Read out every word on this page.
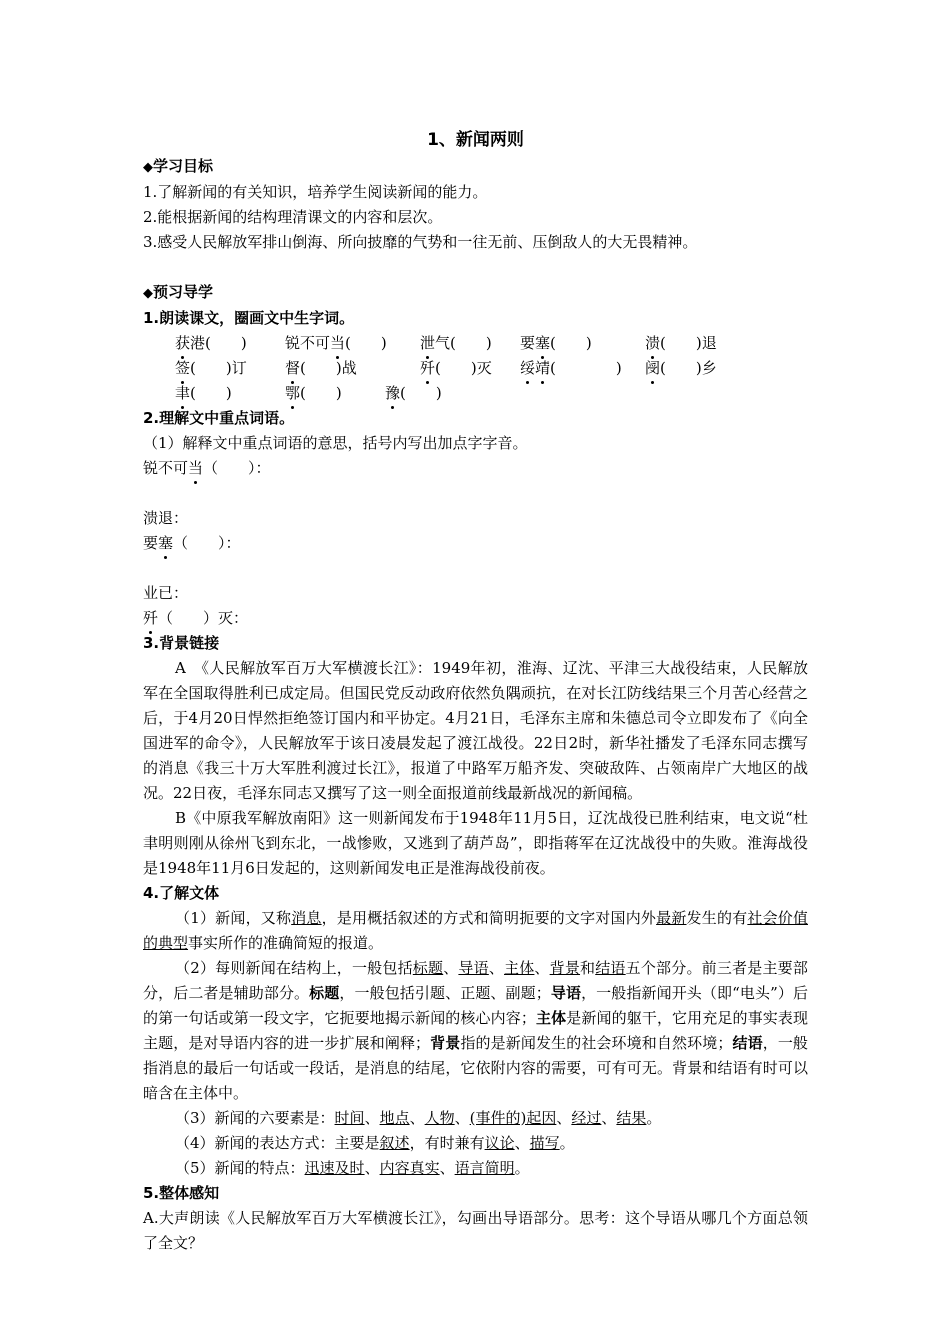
1、新闻两则
◆学习目标
1.了解新闻的有关知识，培养学生阅读新闻的能力。
2.能根据新闻的结构理清课文的内容和层次。
3.感受人民解放军排山倒海、所向披靡的气势和一往无前、压倒敌人的大无畏精神。
◆预习导学
1.朗读课文，圈画文中生字词。
获港(　　)	锐不可当(　　) 泄气(　　) 要塞(　　)	溃(　　)退
签(　　)订	督(　　)战	歼(　　)灭 绥靖(　　　　) 阌(　　)乡
聿(　　)	鄂(　　)	豫(　　)
2.理解文中重点词语。
（1）解释文中重点词语的意思，括号内写出加点字字音。
锐不可当（　　）：
溃退：
要塞（　　）：
业已：
歼（　　）灭：
3.背景链接

A　《人民解放军百万大军横渡长江》：1949年初，淮海、辽沈、平津三大战役结束，人民解放军在全国取得胜利已成定局。但国民党反动政府依然负隅顽抗，在对长江防线结果三个月苦心经营之后，于4月20日悍然拒绝签订国内和平协定。4月21日，毛泽东主席和朱德总司令立即发布了《向全国进军的命令》，人民解放军于该日凌晨发起了渡江战役。22日2时，新华社播发了毛泽东同志撰写的消息《我三十万大军胜利渡过长江》，报道了中路军万船齐发、突破敌阵、占领南岸广大地区的战况。22日夜，毛泽东同志又撰写了这一则全面报道前线最新战况的新闻稿。

B《中原我军解放南阳》这一则新闻发布于1948年11月5日，辽沈战役已胜利结束，电文说“杜聿明则刚从徐州飞到东北，一战惨败，又逃到了葫芦岛”，即指蒋军在辽沈战役中的失败。淮海战役是1948年11月6日发起的，这则新闻发电正是淮海战役前夜。

4.了解文体

（1）新闻，又称消息，是用概括叙述的方式和简明扼要的文字对国内外最新发生的有社会价值的典型事实所作的准确简短的报道。

（2）每则新闻在结构上，一般包括标题、导语、主体、背景和结语五个部分。前三者是主要部分，后二者是辅助部分。标题，一般包括引题、正题、副题；导语，一般指新闻开头（即“电头”）后的第一句话或第一段文字，它扼要地揭示新闻的核心内容；主体是新闻的躯干，它用充足的事实表现主题，是对导语内容的进一步扩展和阐释；背景指的是新闻发生的社会环境和自然环境；结语，一般指消息的最后一句话或一段话，是消息的结尾，它依附内容的需要，可有可无。背景和结语有时可以暗含在主体中。

（3）新闻的六要素是：时间、地点、人物、(事件的)起因、经过、结果。

（4）新闻的表达方式：主要是叙述，有时兼有议论、描写。

（5）新闻的特点：迅速及时、内容真实、语言简明。

5.整体感知

A.大声朗读《人民解放军百万大军横渡长江》，勾画出导语部分。思考：这个导语从哪几个方面总领了全文？
